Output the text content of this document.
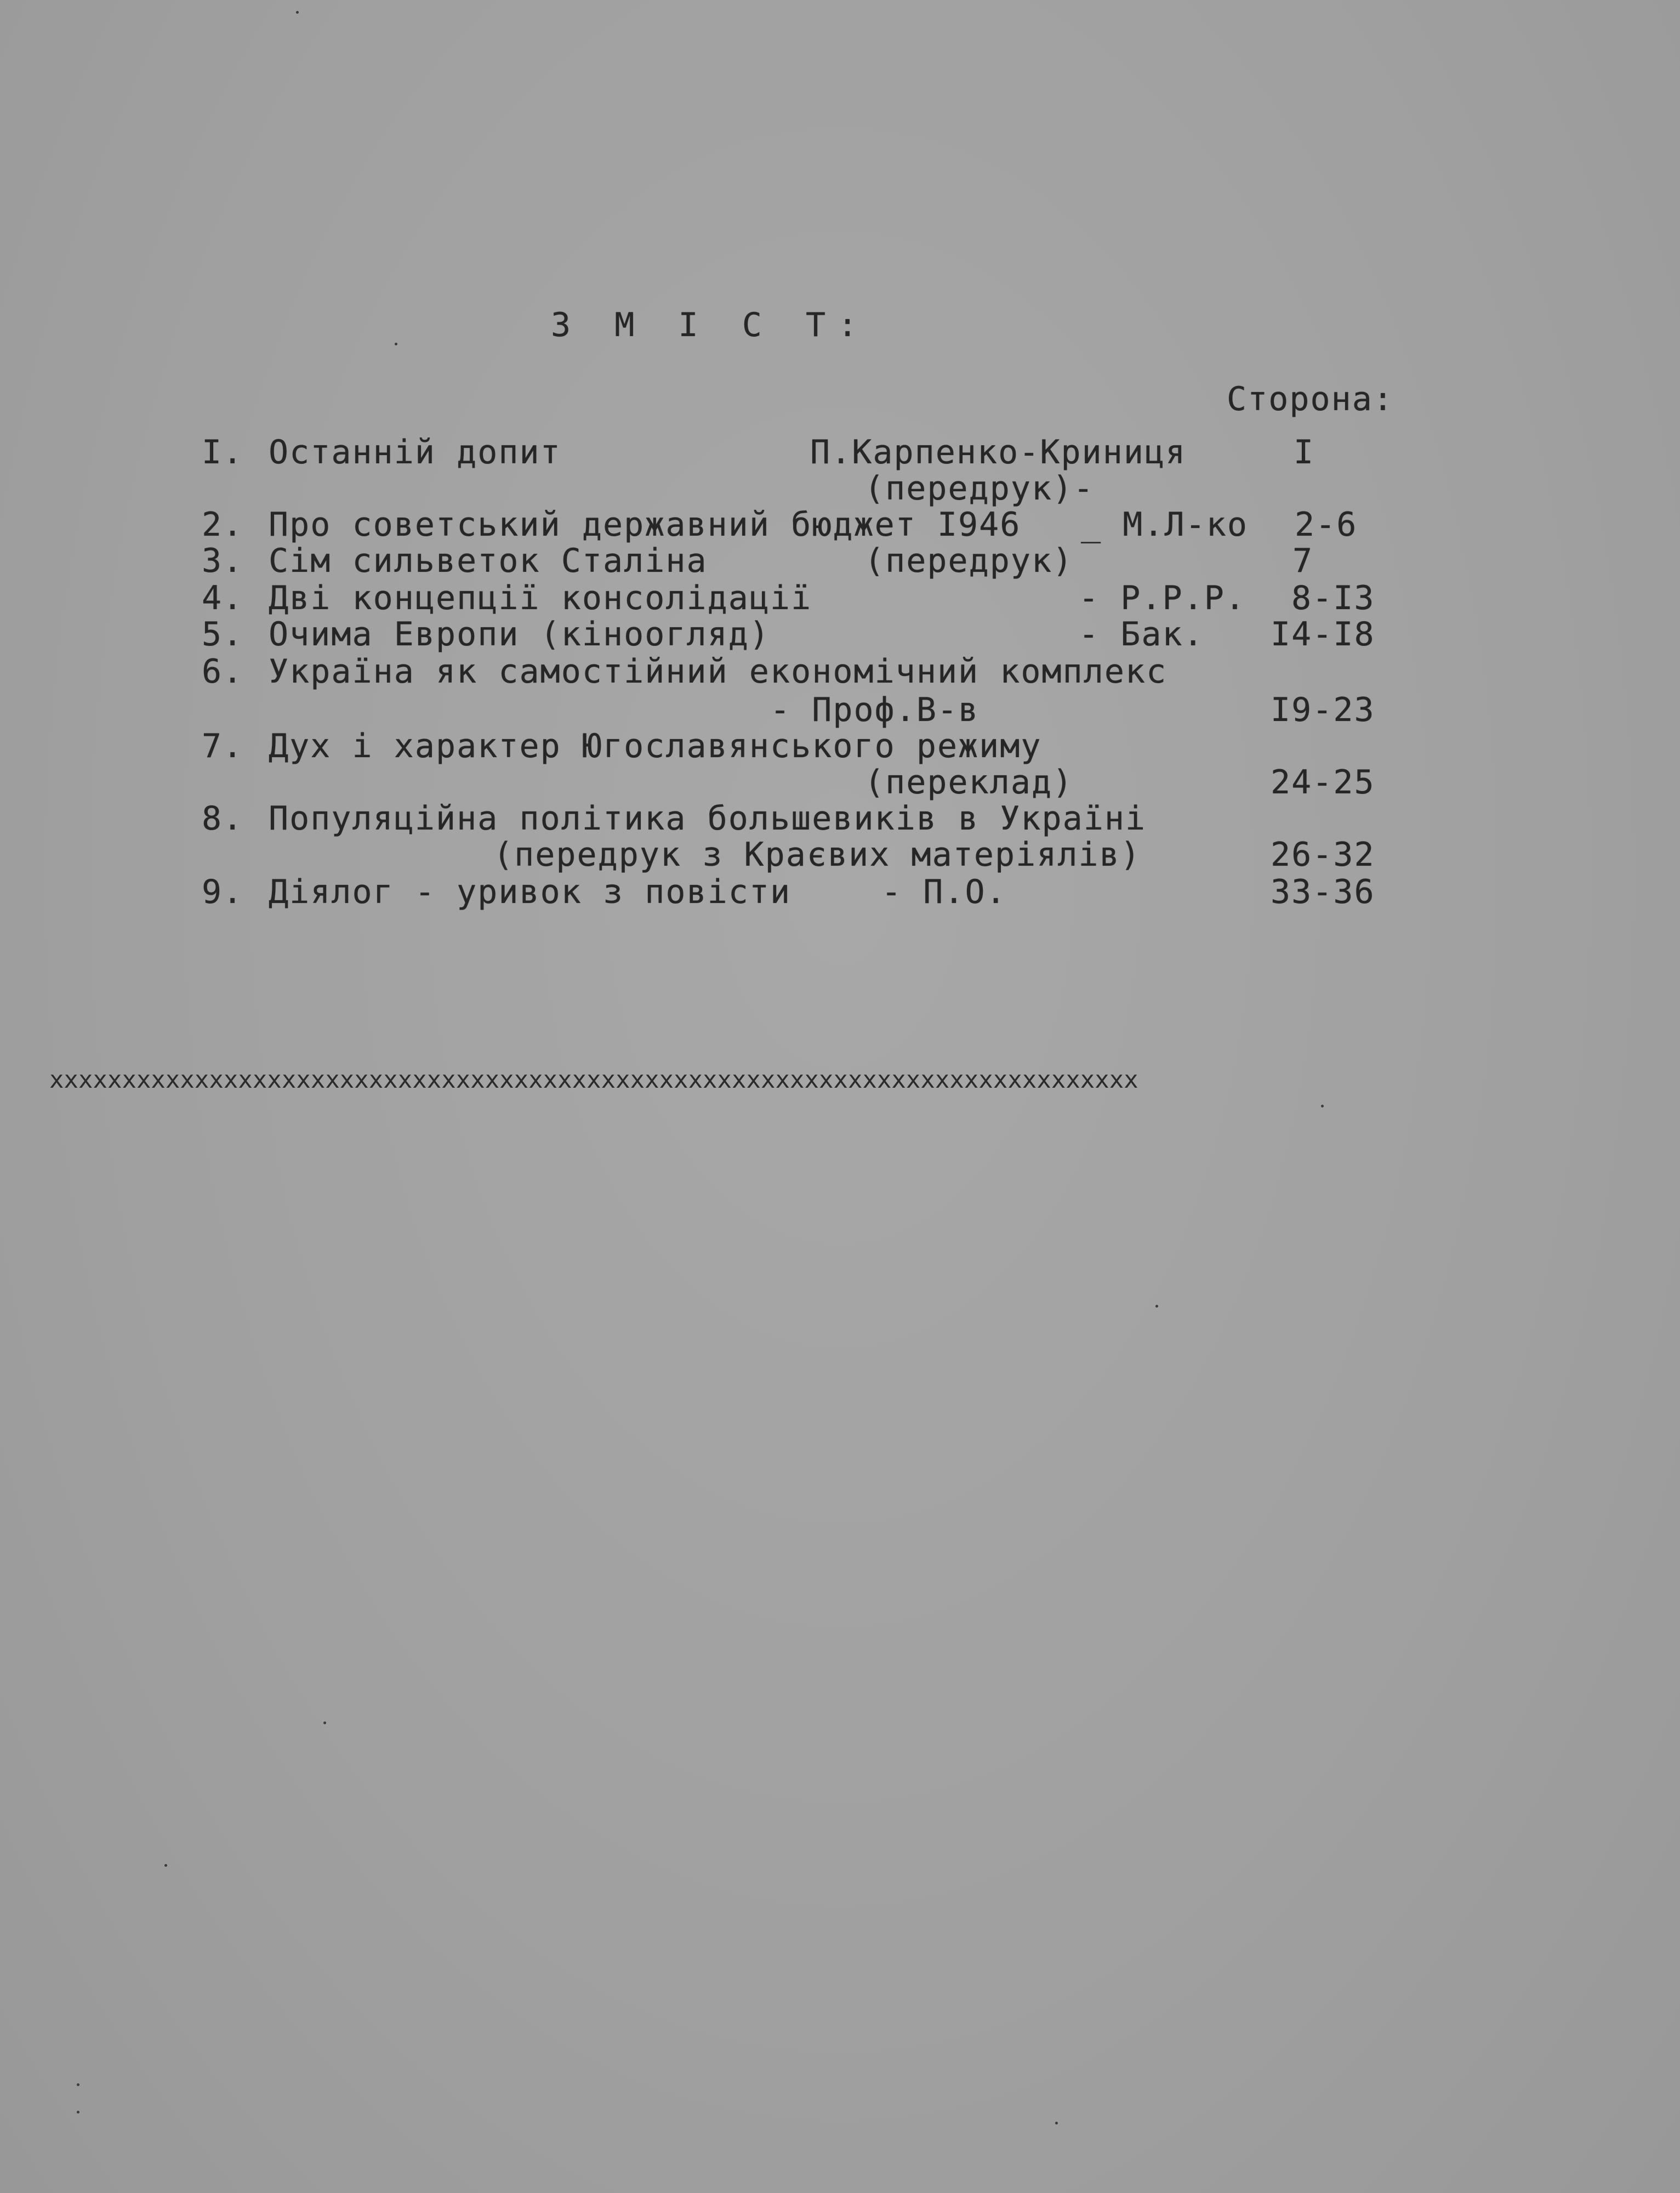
З М І С Т:
Сторона:
І. Останній допит	П.Карпенко-Криниця	І
(передрук)-
2. Про советський державний бюджет І946 _ М.Л-ко 2-6
3. Сім сильветок Сталіна	(передрук)	7
4. Дві концепції консолідації	- Р.Р.Р. 8-ІЗ
5. Очима Европи (кіноогляд)	- Бак. І4-І8
6. Україна як самостійний економічний комплекс
- Проф.В-в	І9-23
7. Дух і характер Югославянського режиму
(переклад)	24-25
8. Популяційна політика большевиків в Україні
(передрук з Краєвих матеріялів)	26-32
9. Діялог - уривок з повісти	- П.О.	33-36
xxxxxxxxxxxxxxxxxxxxxxxxxxxxxxxxxxxxxxxxxxxxxxxxxxxxxxxxxxxxxxxxxxxxxxxxxxx
